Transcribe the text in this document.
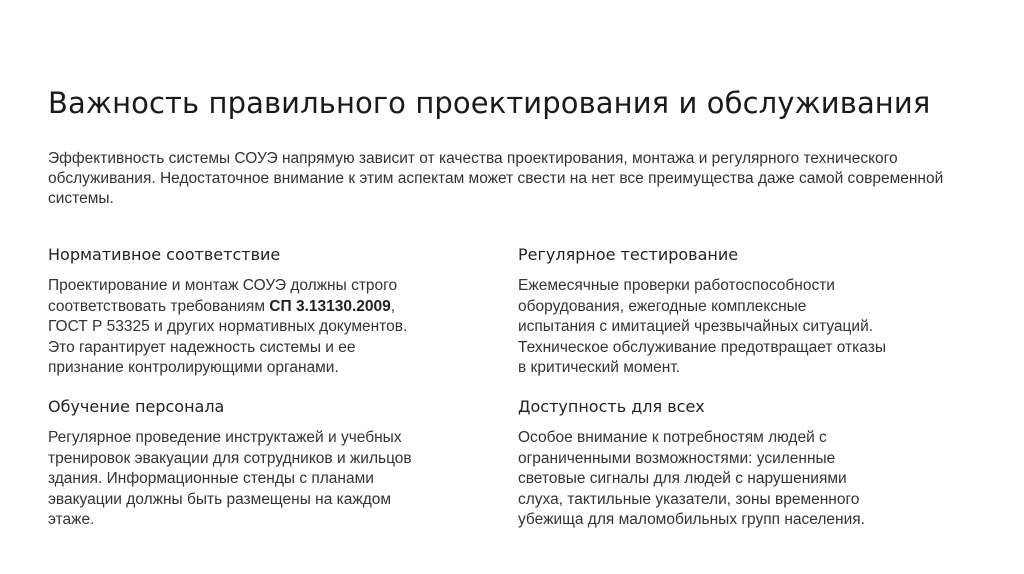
Важность правильного проектирования и обслуживания
Эффективность системы СОУЭ напрямую зависит от качества проектирования, монтажа и регулярного технического обслуживания. Недостаточное внимание к этим аспектам может свести на нет все преимущества даже самой современной системы.
Нормативное соответствие

Проектирование и монтаж СОУЭ должны строго
соответствовать требованиям СП 3.13130.2009,
ГОСТ Р 53325 и других нормативных документов.
Это гарантирует надежность системы и ее
признание контролирующими органами.

Регулярное тестирование

Ежемесячные проверки работоспособности
оборудования, ежегодные комплексные
испытания с имитацией чрезвычайных ситуаций.
Техническое обслуживание предотвращает отказы
в критический момент.

Обучение персонала

Регулярное проведение инструктажей и учебных
тренировок эвакуации для сотрудников и жильцов
здания. Информационные стенды с планами
эвакуации должны быть размещены на каждом
этаже.

Доступность для всех

Особое внимание к потребностям людей с
ограниченными возможностями: усиленные
световые сигналы для людей с нарушениями
слуха, тактильные указатели, зоны временного
убежища для маломобильных групп населения.
